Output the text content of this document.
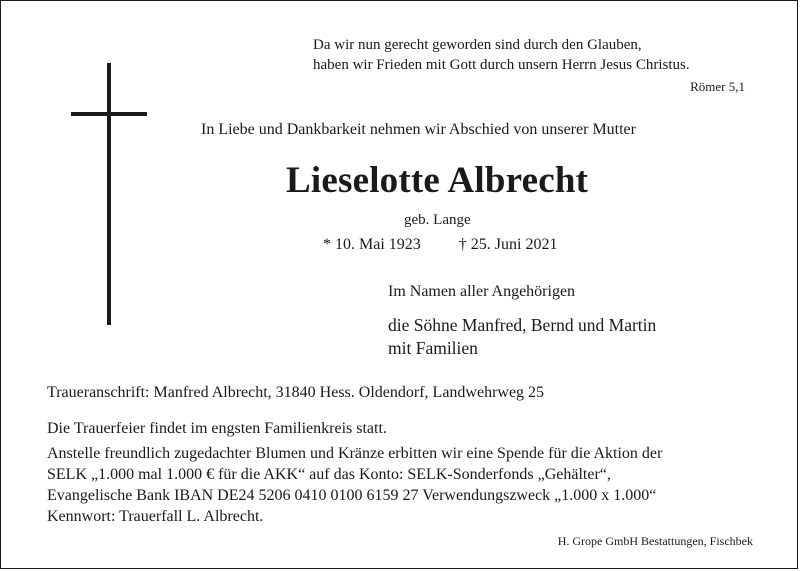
Da wir nun gerecht geworden sind durch den Glauben,
haben wir Frieden mit Gott durch unsern Herrn Jesus Christus.
Römer 5,1
In Liebe und Dankbarkeit nehmen wir Abschied von unserer Mutter
Lieselotte Albrecht
geb. Lange
* 10. Mai 1923 † 25. Juni 2021
Im Namen aller Angehörigen
die Söhne Manfred, Bernd und Martin
mit Familien
Traueranschrift: Manfred Albrecht, 31840 Hess. Oldendorf, Landwehrweg 25

Die Trauerfeier findet im engsten Familienkreis statt.

Anstelle freundlich zugedachter Blumen und Kränze erbitten wir eine Spende für die Aktion der
SELK „1.000 mal 1.000 € für die AKK“ auf das Konto: SELK-Sonderfonds „Gehälter“,
Evangelische Bank IBAN DE24 5206 0410 0100 6159 27 Verwendungszweck „1.000 x 1.000“
Kennwort: Trauerfall L. Albrecht.
H. Grope GmbH Bestattungen, Fischbek
